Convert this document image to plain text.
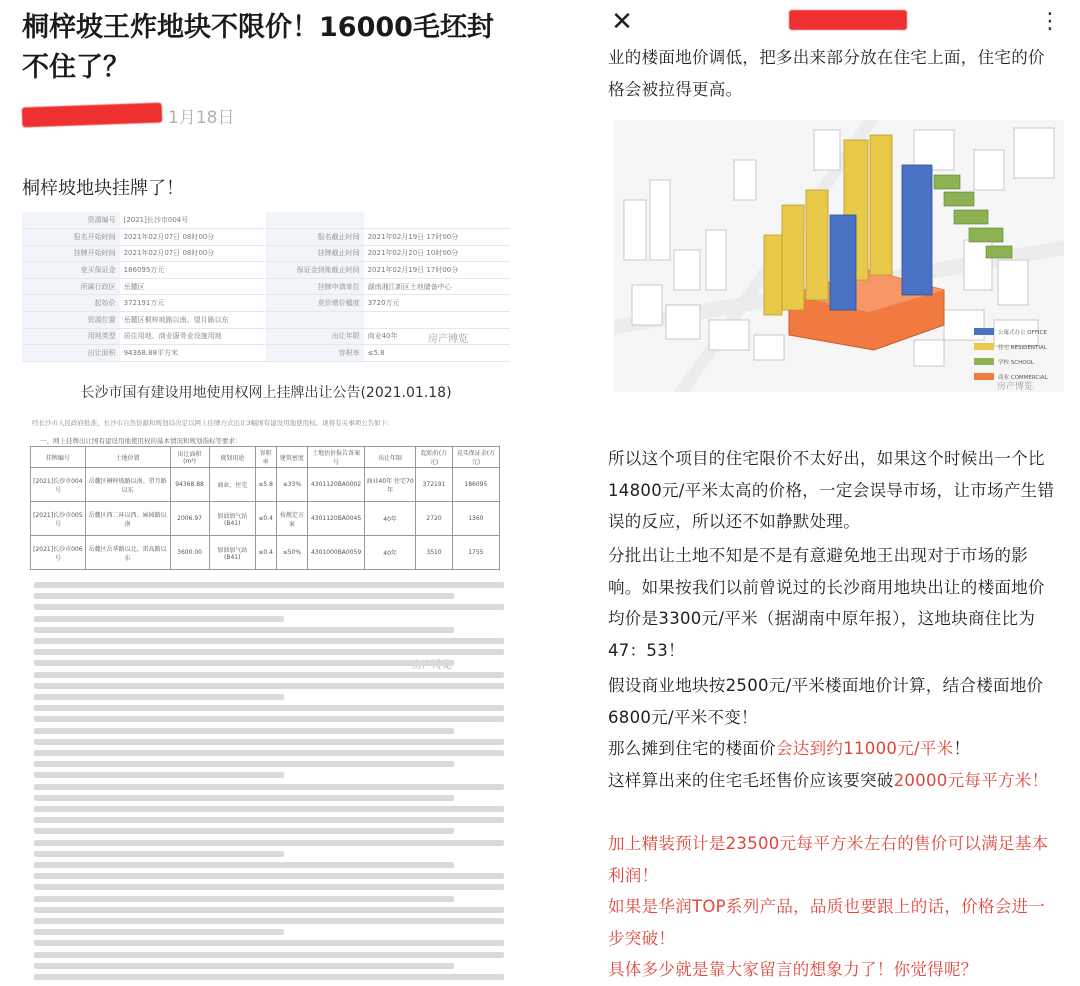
桐梓坡王炸地块不限价！16000毛坯封不住了？
1月18日
桐梓坡地块挂牌了！
资源编号	[2021]长沙市004号		
报名开始时间	2021年02月07日 08时00分	报名截止时间	2021年02月19日 17时00分
挂牌开始时间	2021年02月07日 08时00分	挂牌截止时间	2021年02月20日 10时00分
竞买保证金	186095万元	保证金到账截止时间	2021年02月19日 17时00分
所属行政区	岳麓区	挂牌申请单位	湖南湘江新区土地储备中心
起始价	372191万元	竞价增价幅度	3720万元
资源位置	岳麓区桐梓坡路以南、望月路以东		
用地类型	居住用地、商业服务业设施用地	出让年限	商业40年
出让面积	94368.88平方米	容积率	≤5.8
房产博览
长沙市国有建设用地使用权网上挂牌出让公告(2021.01.18)
经长沙市人民政府批准，长沙市自然资源和规划局决定以网上挂牌方式出让3幅国有建设用地使用权。现将有关事项公告如下：
一、网上挂牌出让国有建设用地使用权的基本情况和规划指标等要求：
挂牌编号	土地位置	出让面积(m²)	规划用途	容积率	建筑密度	土地估价报告备案号	出让年限	起始价(万元)	竞买保证金(万元)
[2021]长沙市004号	岳麓区桐梓坡路以南、望月路以东	94368.88	商业、住宅	≤5.8	≤33%	4301120BA0002	商业40年 住宅70年	372191	186095
[2021]长沙市005号	岳麓区西二环以西、麻园路以南	2006.97	加油加气站(B41)	≤0.4	按规定方案	4301120BA0045	40年	2720	1360
[2021]长沙市006号	岳麓区岳华路以北、雷高路以东	3600.00	加油加气站(B41)	≤0.4	≤50%	4301000BA0059	40年	3510	1755
✕	⋮
业的楼面地价调低，把多出来部分放在住宅上面，住宅的价格会被拉得更高。
公寓式办公 OFFICE
住宅 RESIDENTIAL
学校 SCHOOL
商业 COMMERCIAL
房产博览
所以这个项目的住宅限价不太好出，如果这个时候出一个比14800元/平米太高的价格，一定会误导市场，让市场产生错误的反应，所以还不如静默处理。
分批出让土地不知是不是有意避免地王出现对于市场的影响。如果按我们以前曾说过的长沙商用地块出让的楼面地价均价是3300元/平米（据湖南中原年报），这地块商住比为47：53！
假设商业地块按2500元/平米楼面地价计算，结合楼面地价6800元/平米不变！
那么摊到住宅的楼面价会达到约11000元/平米！
这样算出来的住宅毛坯售价应该要突破20000元每平方米！
加上精装预计是23500元每平方米左右的售价可以满足基本利润！
如果是华润TOP系列产品，品质也要跟上的话，价格会进一步突破！
具体多少就是靠大家留言的想象力了！你觉得呢？
